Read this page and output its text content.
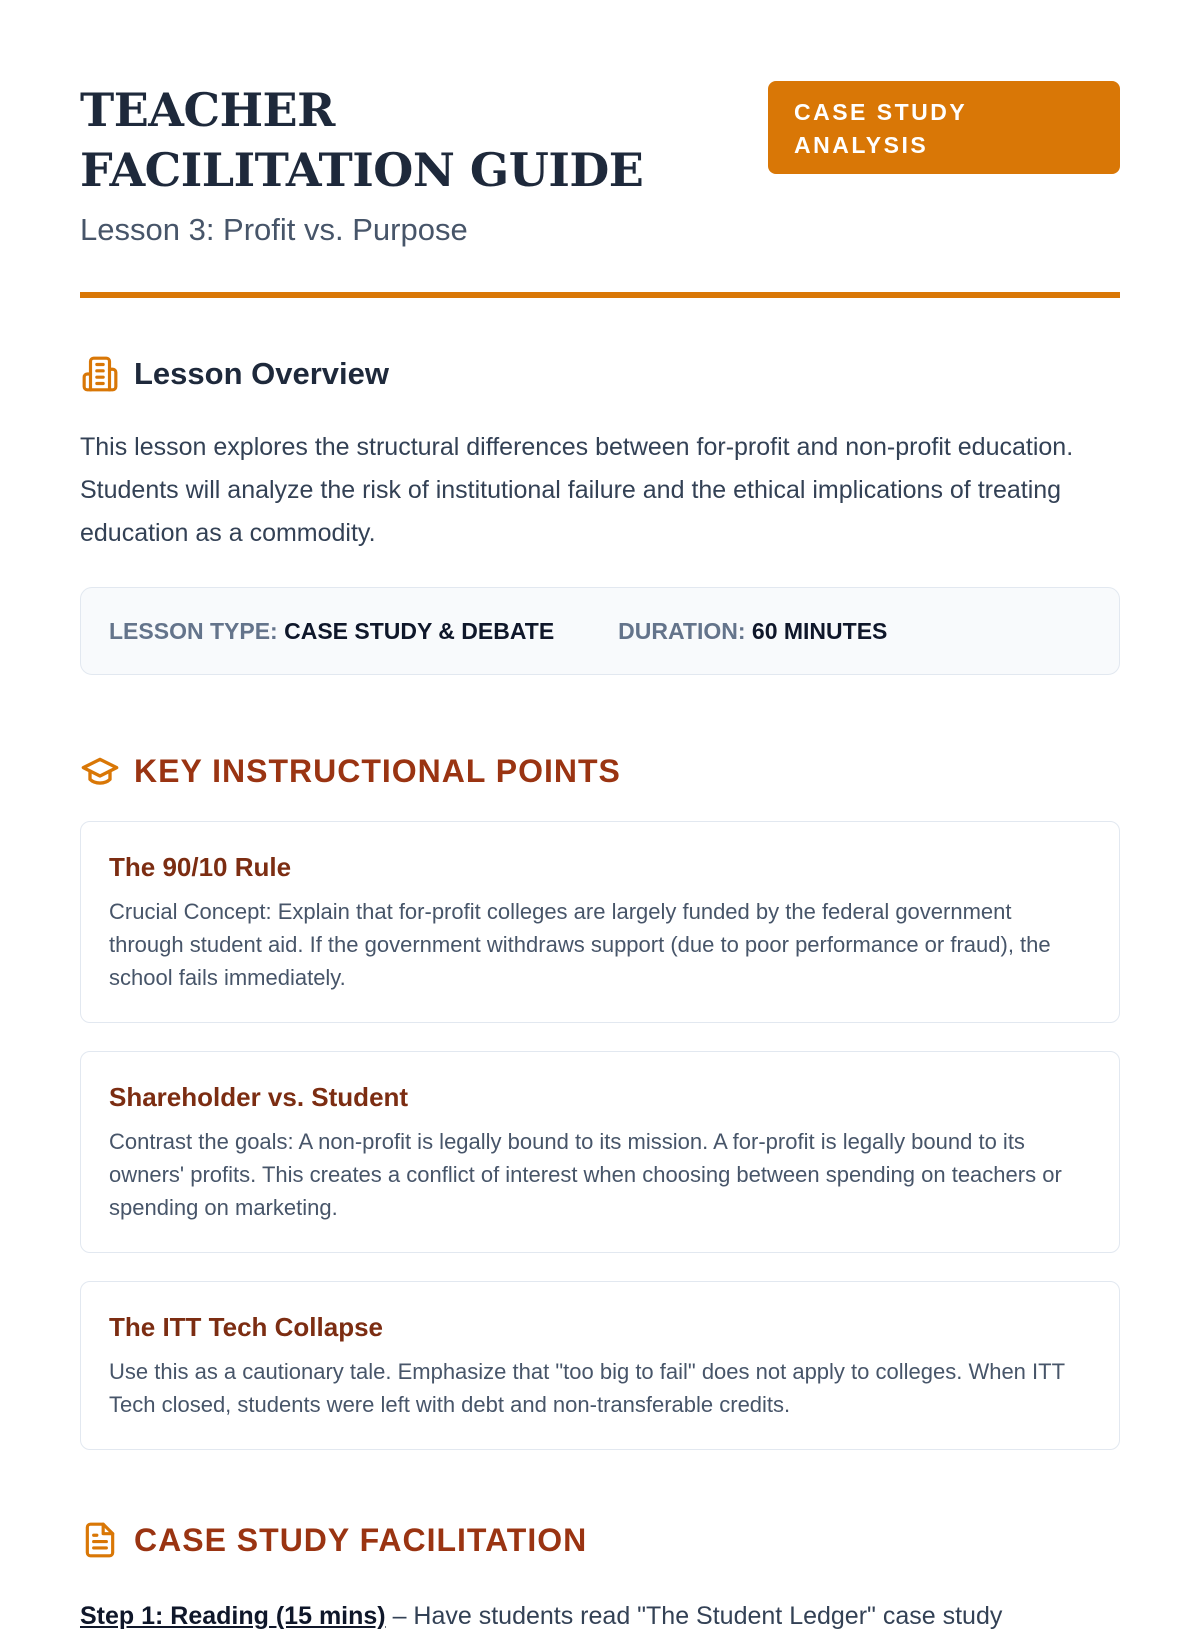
TEACHER FACILITATION GUIDE
Lesson 3: Profit vs. Purpose
CASE STUDY ANALYSIS
Lesson Overview

This lesson explores the structural differences between for-profit and non-profit education. Students will analyze the risk of institutional failure and the ethical implications of treating education as a commodity.

LESSON TYPE: CASE STUDY & DEBATE	DURATION: 60 MINUTES
KEY INSTRUCTIONAL POINTS
The 90/10 Rule
Crucial Concept: Explain that for-profit colleges are largely funded by the federal government through student aid. If the government withdraws support (due to poor performance or fraud), the school fails immediately.
Shareholder vs. Student
Contrast the goals: A non-profit is legally bound to its mission. A for-profit is legally bound to its owners' profits. This creates a conflict of interest when choosing between spending on teachers or spending on marketing.
The ITT Tech Collapse
Use this as a cautionary tale. Emphasize that "too big to fail" does not apply to colleges. When ITT Tech closed, students were left with debt and non-transferable credits.
CASE STUDY FACILITATION

Step 1: Reading (15 mins) – Have students read "The Student Ledger" case study
